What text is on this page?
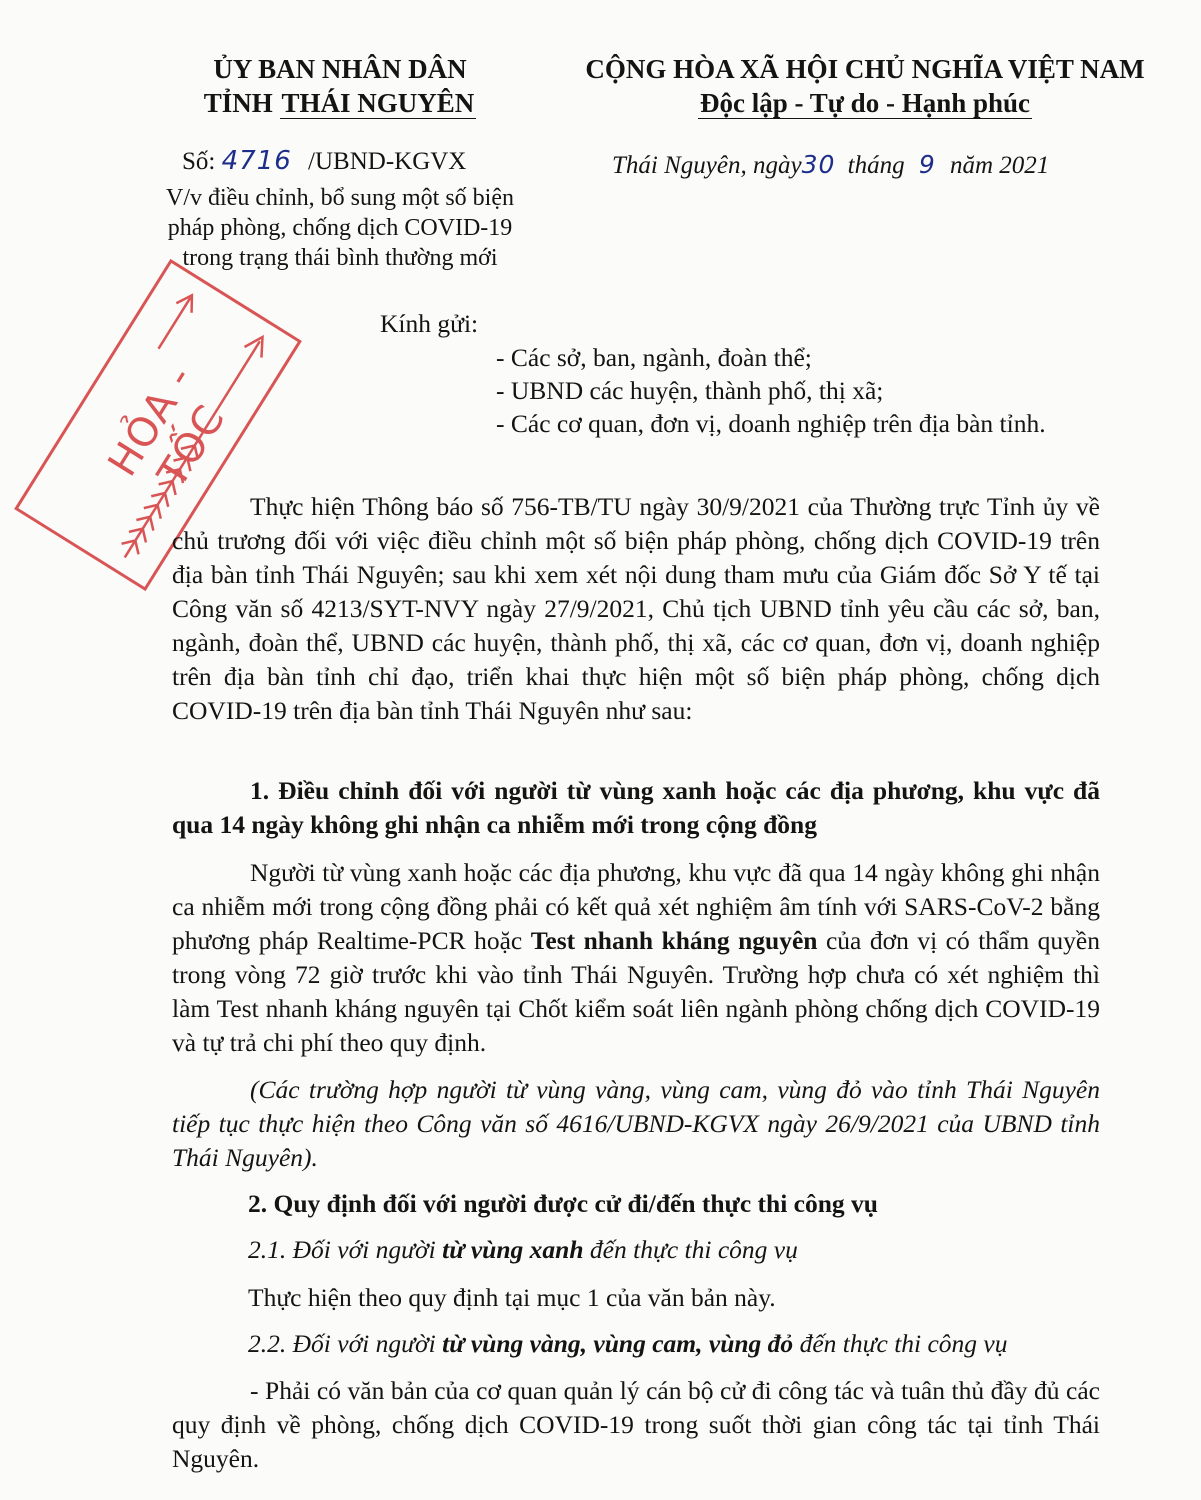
ỦY BAN NHÂN DÂN
TỈNH THÁI NGUYÊN
CỘNG HÒA XÃ HỘI CHỦ NGHĨA VIỆT NAM
Độc lập - Tự do - Hạnh phúc
Số: 4716 /UBND-KGVX	Thái Nguyên, ngày30 tháng 9 năm 2021
V/v điều chỉnh, bổ sung một số biện
pháp phòng, chống dịch COVID-19
trong trạng thái bình thường mới
Kính gửi:
- Các sở, ban, ngành, đoàn thể;
- UBND các huyện, thành phố, thị xã;
- Các cơ quan, đơn vị, doanh nghiệp trên địa bàn tỉnh.
HỎA - TỐC
Thực hiện Thông báo số 756-TB/TU ngày 30/9/2021 của Thường trực Tỉnh ủy về chủ trương đối với việc điều chỉnh một số biện pháp phòng, chống dịch COVID-19 trên địa bàn tỉnh Thái Nguyên; sau khi xem xét nội dung tham mưu của Giám đốc Sở Y tế tại Công văn số 4213/SYT-NVY ngày 27/9/2021, Chủ tịch UBND tỉnh yêu cầu các sở, ban, ngành, đoàn thể, UBND các huyện, thành phố, thị xã, các cơ quan, đơn vị, doanh nghiệp trên địa bàn tỉnh chỉ đạo, triển khai thực hiện một số biện pháp phòng, chống dịch COVID-19 trên địa bàn tỉnh Thái Nguyên như sau:
1. Điều chỉnh đối với người từ vùng xanh hoặc các địa phương, khu vực đã qua 14 ngày không ghi nhận ca nhiễm mới trong cộng đồng
Người từ vùng xanh hoặc các địa phương, khu vực đã qua 14 ngày không ghi nhận ca nhiễm mới trong cộng đồng phải có kết quả xét nghiệm âm tính với SARS-CoV-2 bằng phương pháp Realtime-PCR hoặc Test nhanh kháng nguyên của đơn vị có thẩm quyền trong vòng 72 giờ trước khi vào tỉnh Thái Nguyên. Trường hợp chưa có xét nghiệm thì làm Test nhanh kháng nguyên tại Chốt kiểm soát liên ngành phòng chống dịch COVID-19 và tự trả chi phí theo quy định.
(Các trường hợp người từ vùng vàng, vùng cam, vùng đỏ vào tỉnh Thái Nguyên tiếp tục thực hiện theo Công văn số 4616/UBND-KGVX ngày 26/9/2021 của UBND tỉnh Thái Nguyên).
2. Quy định đối với người được cử đi/đến thực thi công vụ
2.1. Đối với người từ vùng xanh đến thực thi công vụ
Thực hiện theo quy định tại mục 1 của văn bản này.
2.2. Đối với người từ vùng vàng, vùng cam, vùng đỏ đến thực thi công vụ
- Phải có văn bản của cơ quan quản lý cán bộ cử đi công tác và tuân thủ đầy đủ các quy định về phòng, chống dịch COVID-19 trong suốt thời gian công tác tại tỉnh Thái Nguyên.
